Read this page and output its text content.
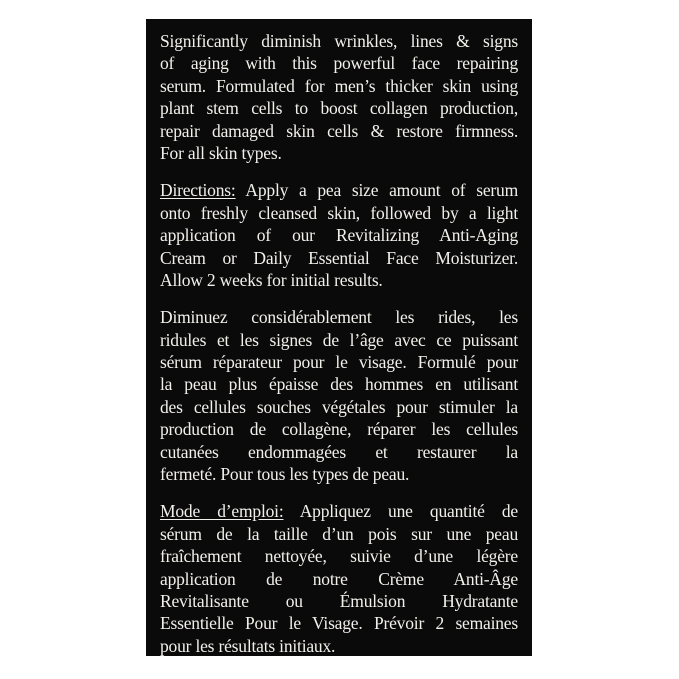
Significantly diminish wrinkles, lines & signs
of aging with this powerful face repairing
serum. Formulated for men’s thicker skin using
plant stem cells to boost collagen production,
repair damaged skin cells & restore firmness.
For all skin types.

Directions: Apply a pea size amount of serum
onto freshly cleansed skin, followed by a light
application of our Revitalizing Anti-Aging
Cream or Daily Essential Face Moisturizer.
Allow 2 weeks for initial results.

Diminuez considérablement les rides, les
ridules et les signes de l’âge avec ce puissant
sérum réparateur pour le visage. Formulé pour
la peau plus épaisse des hommes en utilisant
des cellules souches végétales pour stimuler la
production de collagène, réparer les cellules
cutanées endommagées et restaurer la
fermeté. Pour tous les types de peau.

Mode d’emploi: Appliquez une quantité de
sérum de la taille d’un pois sur une peau
fraîchement nettoyée, suivie d’une légère
application de notre Crème Anti-Âge
Revitalisante ou Émulsion Hydratante
Essentielle Pour le Visage. Prévoir 2 semaines
pour les résultats initiaux.
